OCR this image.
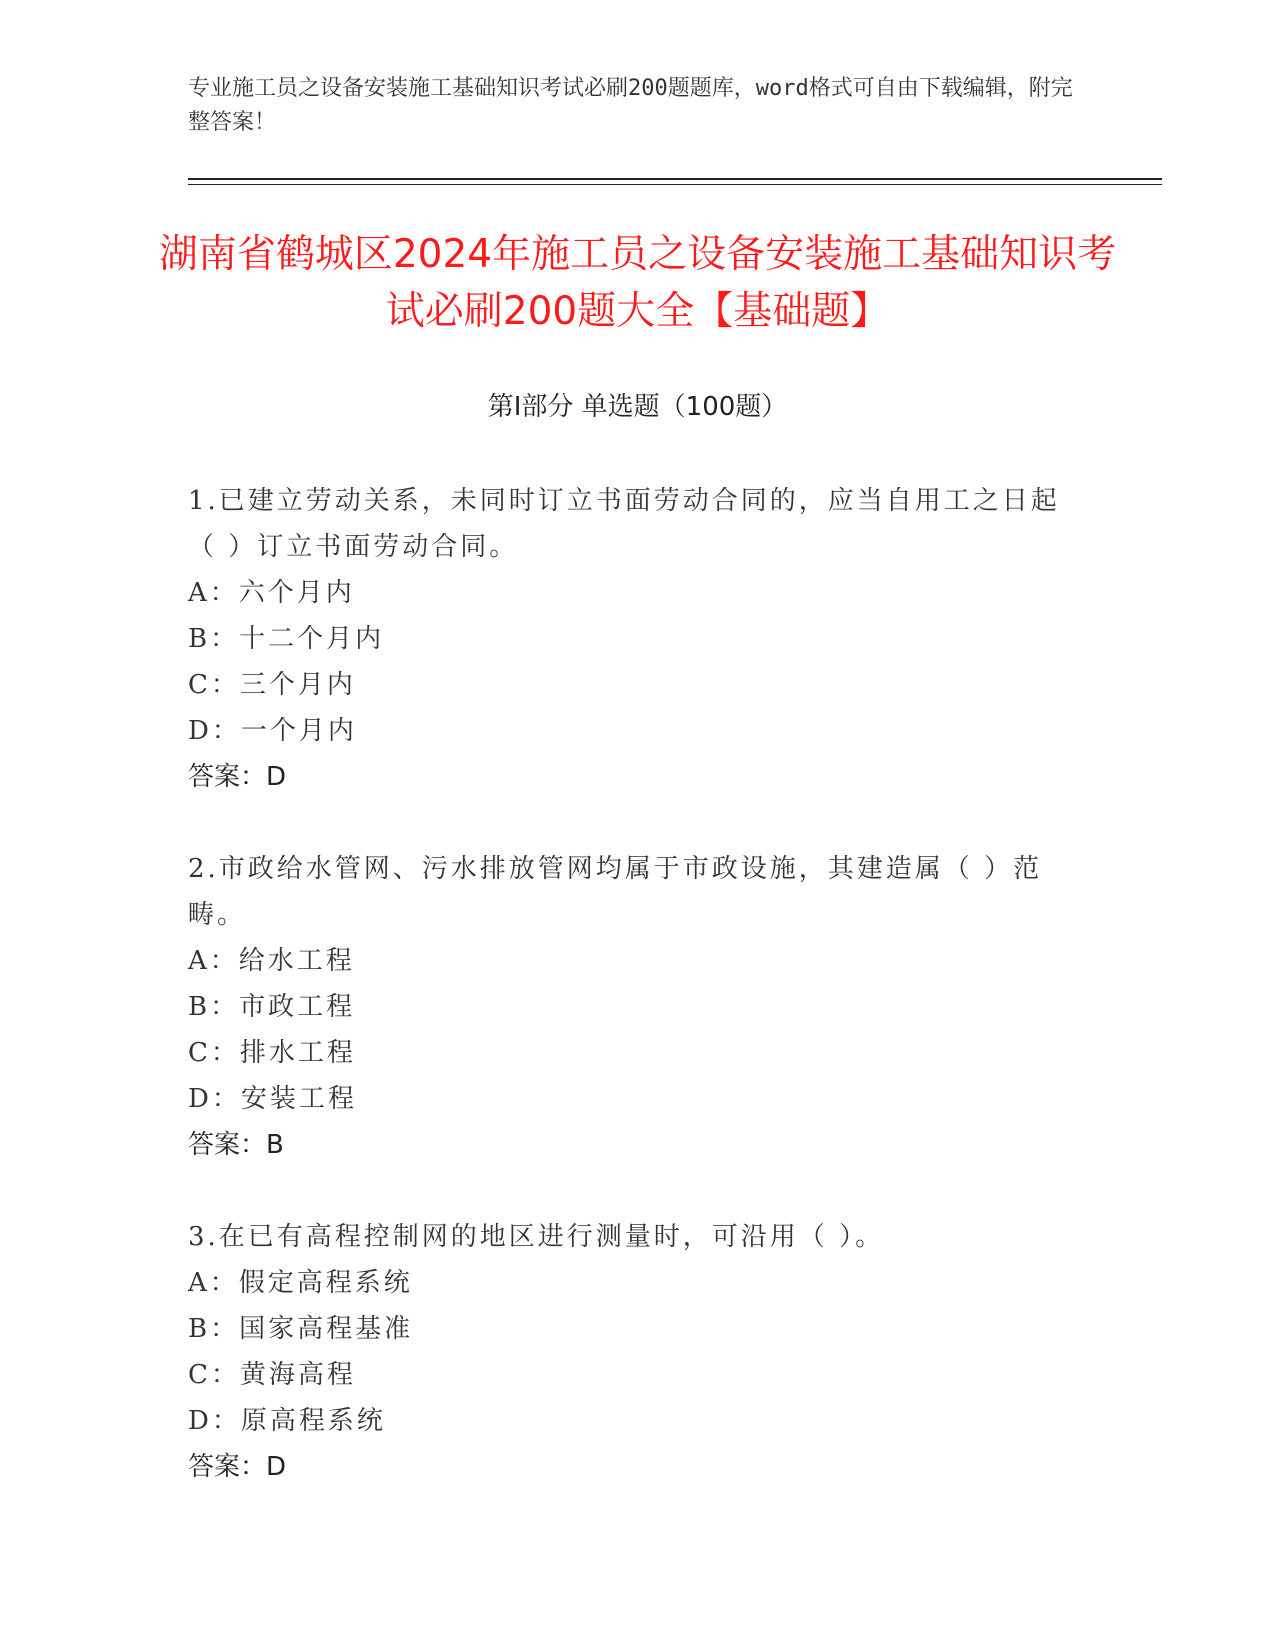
专业施工员之设备安装施工基础知识考试必刷200题题库，word格式可自由下载编辑，附完整答案！
湖南省鹤城区2024年施工员之设备安装施工基础知识考试必刷200题大全【基础题】
第Ⅰ部分 单选题（100题）
1.已建立劳动关系，未同时订立书面劳动合同的，应当自用工之日起（ ）订立书面劳动合同。
A：六个月内
B：十二个月内
C：三个月内
D：一个月内
答案：D
2.市政给水管网、污水排放管网均属于市政设施，其建造属（ ）范畴。
A：给水工程
B：市政工程
C：排水工程
D：安装工程
答案：B
3.在已有高程控制网的地区进行测量时，可沿用（ ）。
A：假定高程系统
B：国家高程基准
C：黄海高程
D：原高程系统
答案：D
